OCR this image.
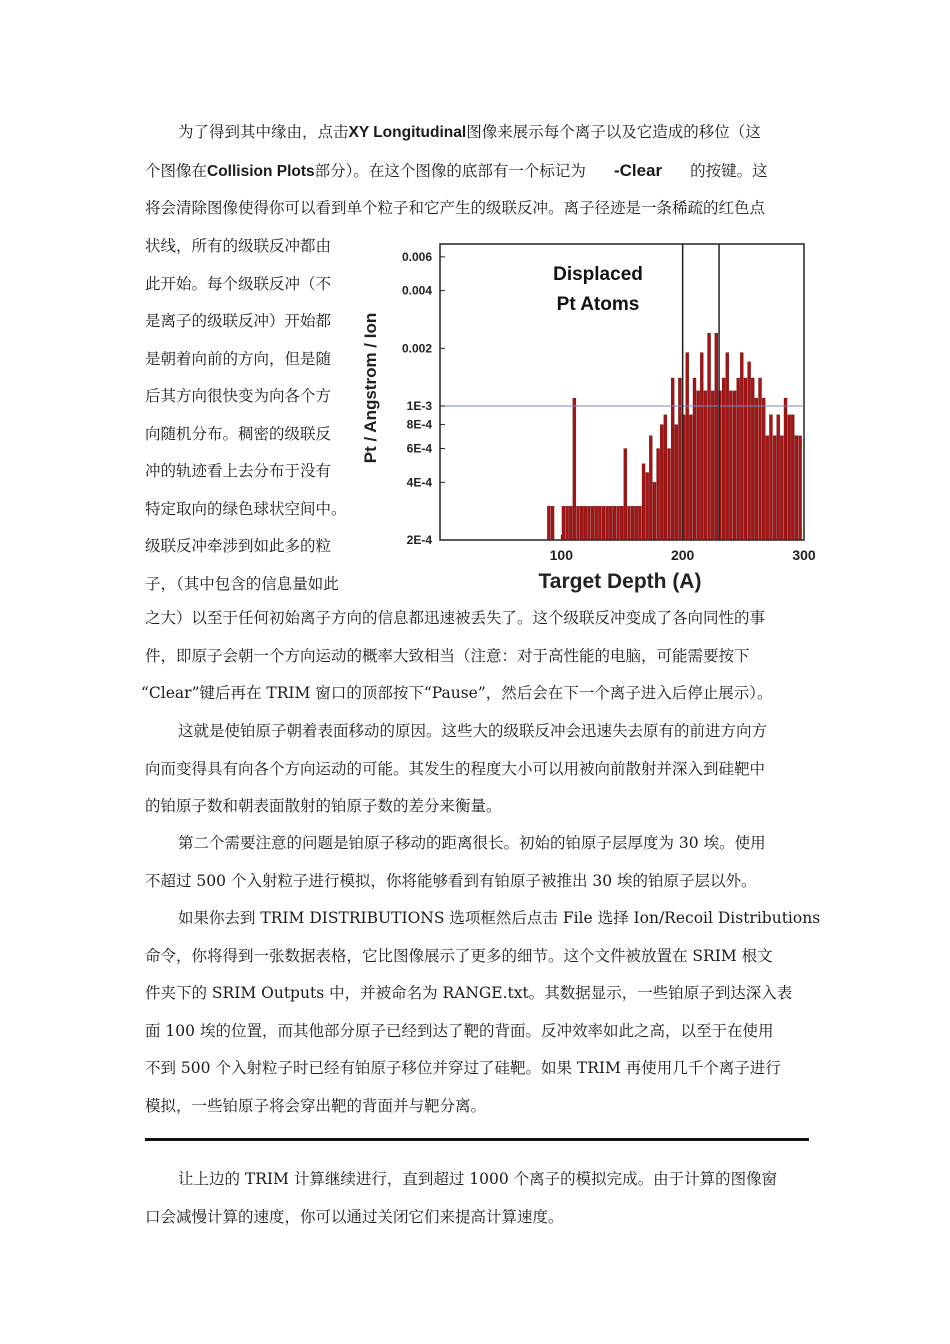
为了得到其中缘由，点击XY Longitudinal图像来展示每个离子以及它造成的移位（这
个图像在Collision Plots部分）。在这个图像的底部有一个标记为 -Clear 的按键。这
将会清除图像使得你可以看到单个粒子和它产生的级联反冲。离子径迹是一条稀疏的红色点

状线，所有的级联反冲都由
此开始。每个级联反冲（不
是离子的级联反冲）开始都
是朝着向前的方向，但是随
后其方向很快变为向各个方
向随机分布。稠密的级联反
冲的轨迹看上去分布于没有
特定取向的绿色球状空间中。
级联反冲牵涉到如此多的粒
子，（其中包含的信息量如此
0.006
0.004
0.002
1E-3
8E-4
6E-4
4E-4
2E-4
100	200	300
Target Depth (A)
Pt / Angstrom / Ion
Displaced
Pt Atoms

之大）以至于任何初始离子方向的信息都迅速被丢失了。这个级联反冲变成了各向同性的事
件，即原子会朝一个方向运动的概率大致相当（注意：对于高性能的电脑，可能需要按下
“Clear”键后再在 TRIM 窗口的顶部按下“Pause”，然后会在下一个离子进入后停止展示）。

这就是使铂原子朝着表面移动的原因。这些大的级联反冲会迅速失去原有的前进方向方
向而变得具有向各个方向运动的可能。其发生的程度大小可以用被向前散射并深入到硅靶中
的铂原子数和朝表面散射的铂原子数的差分来衡量。

第二个需要注意的问题是铂原子移动的距离很长。初始的铂原子层厚度为 30 埃。使用
不超过 500 个入射粒子进行模拟，你将能够看到有铂原子被推出 30 埃的铂原子层以外。

如果你去到 TRIM DISTRIBUTIONS 选项框然后点击 File 选择 Ion/Recoil Distributions
命令，你将得到一张数据表格，它比图像展示了更多的细节。这个文件被放置在 SRIM 根文
件夹下的 SRIM Outputs 中，并被命名为 RANGE.txt。其数据显示，一些铂原子到达深入表
面 100 埃的位置，而其他部分原子已经到达了靶的背面。反冲效率如此之高，以至于在使用
不到 500 个入射粒子时已经有铂原子移位并穿过了硅靶。如果 TRIM 再使用几千个离子进行
模拟，一些铂原子将会穿出靶的背面并与靶分离。

让上边的 TRIM 计算继续进行，直到超过 1000 个离子的模拟完成。由于计算的图像窗
口会减慢计算的速度，你可以通过关闭它们来提高计算速度。
